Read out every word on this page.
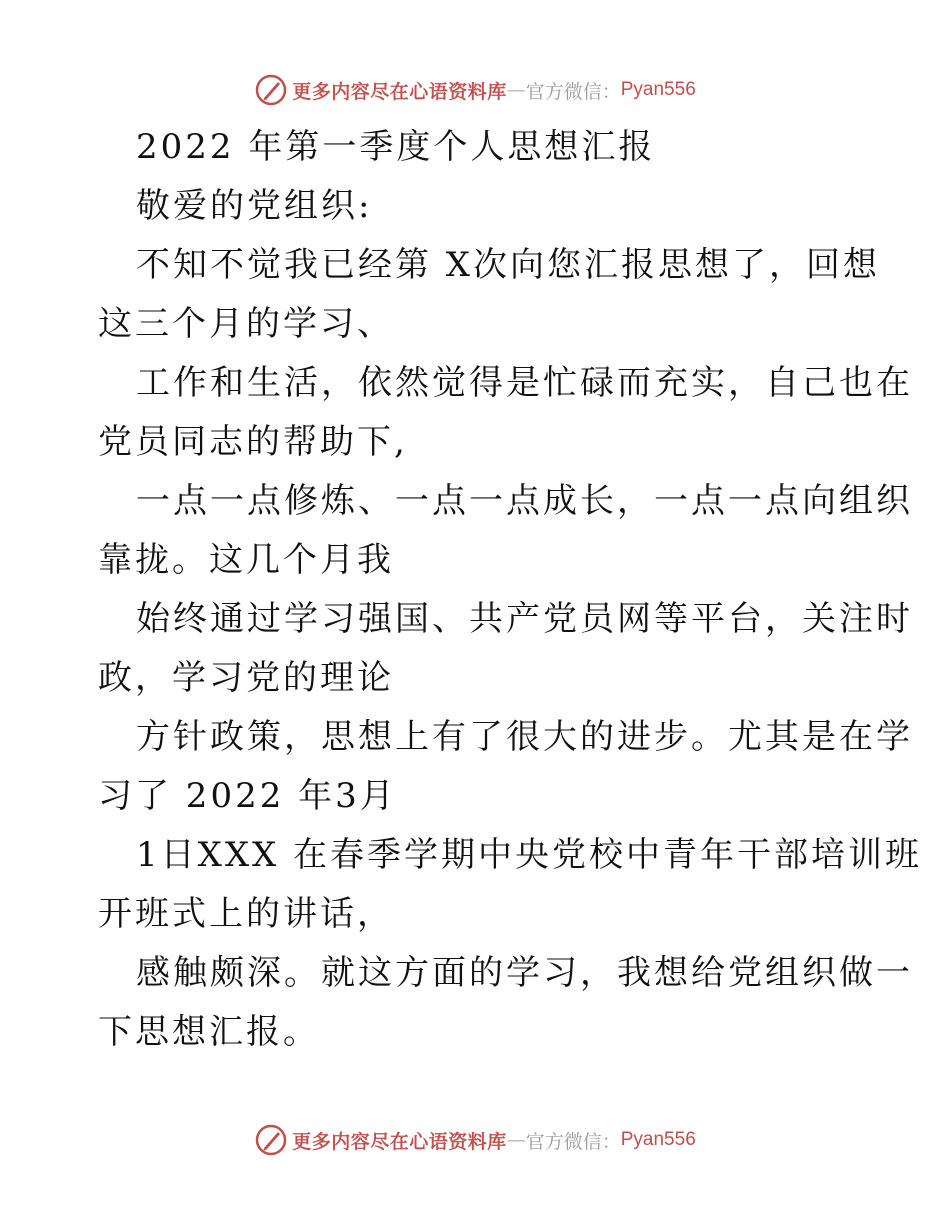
更多内容尽在心语资料库 — 官方微信： Pyan556

2022 年第一季度个人思想汇报

敬爱的党组织:

不知不觉我已经第 X次向您汇报思想了，回想

这三个月的学习、

工作和生活，依然觉得是忙碌而充实，自己也在

党员同志的帮助下,

一点一点修炼、一点一点成长，一点一点向组织

靠拢。这几个月我

始终通过学习强国、共产党员网等平台，关注时

政，学习党的理论

方针政策，思想上有了很大的进步。尤其是在学

习了 2022 年3月

1日XXX 在春季学期中央党校中青年干部培训班

开班式上的讲话，

感触颇深。就这方面的学习，我想给党组织做一

下思想汇报。

更多内容尽在心语资料库 — 官方微信： Pyan556
